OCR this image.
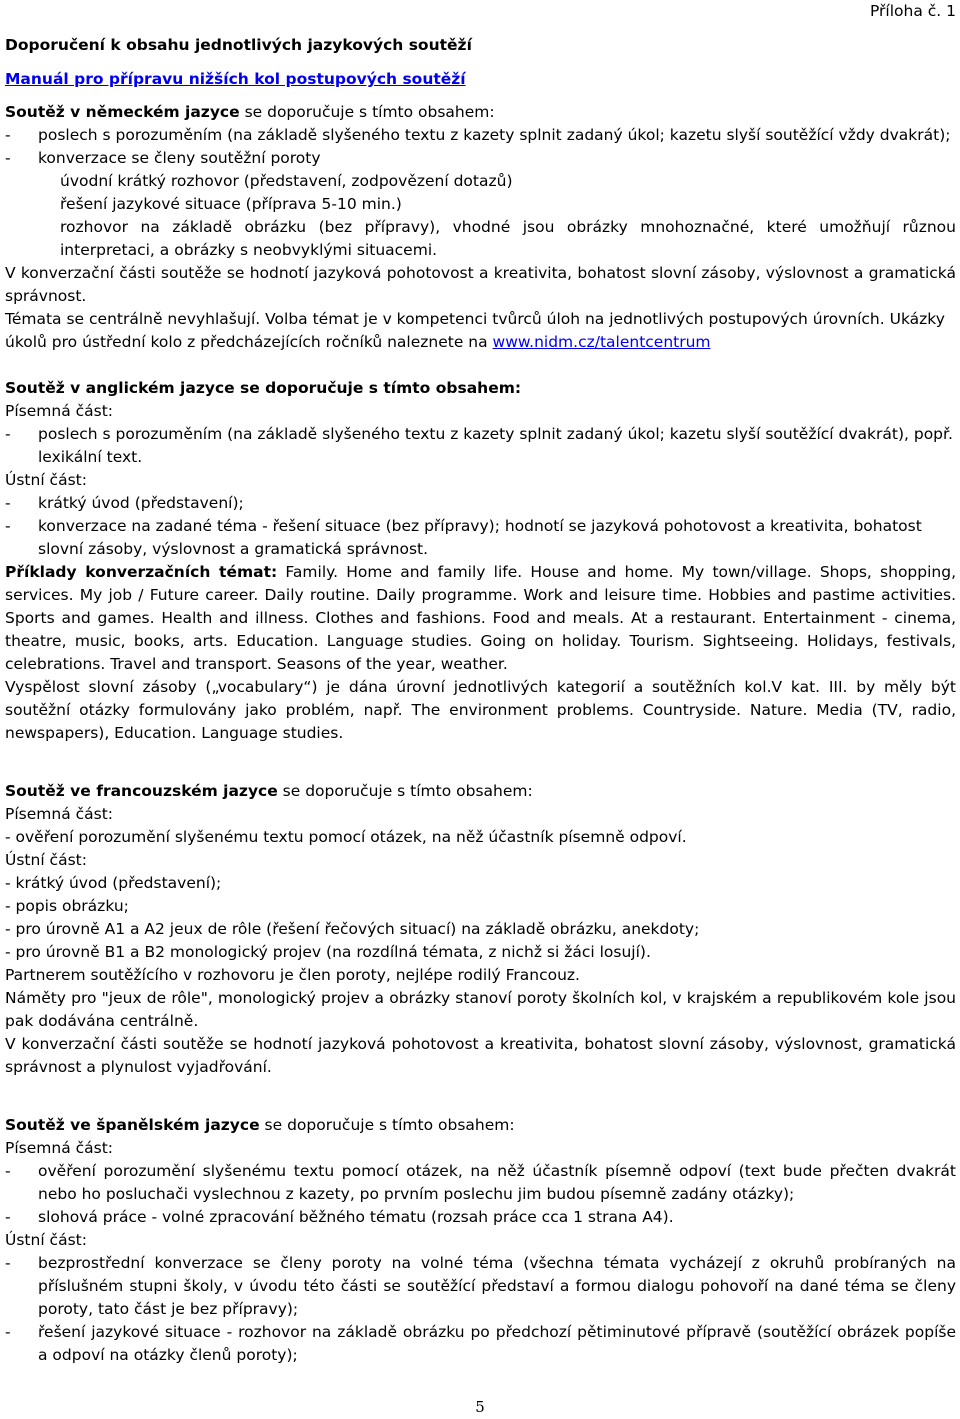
Příloha č. 1

Doporučení k obsahu jednotlivých jazykových soutěží

Manuál pro přípravu nižších kol postupových soutěží

Soutěž v německém jazyce se doporučuje s tímto obsahem:

- poslech s porozuměním (na základě slyšeného textu z kazety splnit zadaný úkol; kazetu slyší soutěžící vždy dvakrát);
- konverzace se členy soutěžní poroty

úvodní krátký rozhovor (představení, zodpovězení dotazů)

řešení jazykové situace (příprava 5-10 min.)

rozhovor na základě obrázku (bez přípravy), vhodné jsou obrázky mnohoznačné, které umožňují různou interpretaci, a obrázky s neobvyklými situacemi.

V konverzační části soutěže se hodnotí jazyková pohotovost a kreativita, bohatost slovní zásoby, výslovnost a gramatická správnost.

Témata se centrálně nevyhlašují. Volba témat je v kompetenci tvůrců úloh na jednotlivých postupových úrovních. Ukázky úkolů pro ústřední kolo z předcházejících ročníků naleznete na www.nidm.cz/talentcentrum

Soutěž v anglickém jazyce se doporučuje s tímto obsahem:

Písemná část:

- poslech s porozuměním (na základě slyšeného textu z kazety splnit zadaný úkol; kazetu slyší soutěžící dvakrát), popř. lexikální text.

Ústní část:

- krátký úvod (představení);
- konverzace na zadané téma - řešení situace (bez přípravy); hodnotí se jazyková pohotovost a kreativita, bohatost slovní zásoby, výslovnost a gramatická správnost.

Příklady konverzačních témat: Family. Home and family life. House and home. My town/village. Shops, shopping, services. My job / Future career. Daily routine. Daily programme. Work and leisure time. Hobbies and pastime activities. Sports and games. Health and illness. Clothes and fashions. Food and meals. At a restaurant. Entertainment - cinema, theatre, music, books, arts. Education. Language studies. Going on holiday. Tourism. Sightseeing. Holidays, festivals, celebrations. Travel and transport. Seasons of the year, weather.

Vyspělost slovní zásoby („vocabulary“) je dána úrovní jednotlivých kategorií a soutěžních kol.V kat. III. by měly být soutěžní otázky formulovány jako problém, např. The environment problems. Countryside. Nature. Media (TV, radio, newspapers), Education. Language studies.

Soutěž ve francouzském jazyce se doporučuje s tímto obsahem:

Písemná část:

- ověření porozumění slyšenému textu pomocí otázek, na něž účastník písemně odpoví.

Ústní část:

- krátký úvod (představení);

- popis obrázku;

- pro úrovně A1 a A2 jeux de rôle (řešení řečových situací) na základě obrázku, anekdoty;

- pro úrovně B1 a B2 monologický projev (na rozdílná témata, z nichž si žáci losují).

Partnerem soutěžícího v rozhovoru je člen poroty, nejlépe rodilý Francouz.

Náměty pro "jeux de rôle", monologický projev a obrázky stanoví poroty školních kol, v krajském a republikovém kole jsou pak dodávána centrálně.

V konverzační části soutěže se hodnotí jazyková pohotovost a kreativita, bohatost slovní zásoby, výslovnost, gramatická správnost a plynulost vyjadřování.

Soutěž ve španělském jazyce se doporučuje s tímto obsahem:

Písemná část:

- ověření porozumění slyšenému textu pomocí otázek, na něž účastník písemně odpoví (text bude přečten dvakrát nebo ho posluchači vyslechnou z kazety, po prvním poslechu jim budou písemně zadány otázky);
- slohová práce - volné zpracování běžného tématu (rozsah práce cca 1 strana A4).

Ústní část:

- bezprostřední konverzace se členy poroty na volné téma (všechna témata vycházejí z okruhů probíraných na příslušném stupni školy, v úvodu této části se soutěžící představí a formou dialogu pohovoří na dané téma se členy poroty, tato část je bez přípravy);
- řešení jazykové situace - rozhovor na základě obrázku po předchozí pětiminutové přípravě (soutěžící obrázek popíše a odpoví na otázky členů poroty);
5
